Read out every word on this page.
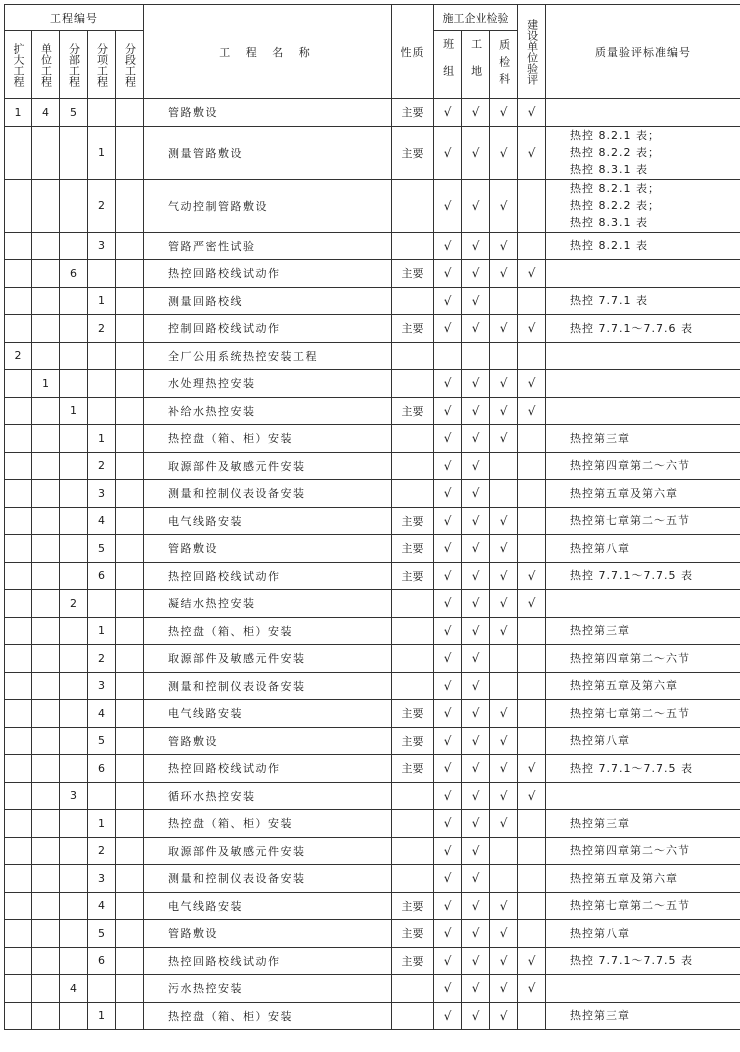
工程编号					工 程 名 称	性质	施工企业检验			建设单位验评	质量验评标准编号

扩大工程	单位工程	分部工程	分项工程	分段工程			班组	工地	质检科		

1	4	5			管路敷设	主要	√	√	√	√	
			1		测量管路敷设	主要	√	√	√	√	热控 8.2.1 表；
热控 8.2.2 表；
热控 8.3.1 表
			2		气动控制管路敷设		√	√	√		热控 8.2.1 表；
热控 8.2.2 表；
热控 8.3.1 表
			3		管路严密性试验		√	√	√		热控 8.2.1 表
		6			热控回路校线试动作	主要	√	√	√	√	
			1		测量回路校线		√	√			热控 7.7.1 表
			2		控制回路校线试动作	主要	√	√	√	√	热控 7.7.1～7.7.6 表
2					全厂公用系统热控安装工程						
	1				水处理热控安装		√	√	√	√	
		1			补给水热控安装	主要	√	√	√	√	
			1		热控盘（箱、柜）安装		√	√	√		热控第三章
			2		取源部件及敏感元件安装		√	√			热控第四章第二～六节
			3		测量和控制仪表设备安装		√	√			热控第五章及第六章
			4		电气线路安装	主要	√	√	√		热控第七章第二～五节
			5		管路敷设	主要	√	√	√		热控第八章
			6		热控回路校线试动作	主要	√	√	√	√	热控 7.7.1～7.7.5 表
		2			凝结水热控安装		√	√	√	√	
			1		热控盘（箱、柜）安装		√	√	√		热控第三章
			2		取源部件及敏感元件安装		√	√			热控第四章第二～六节
			3		测量和控制仪表设备安装		√	√			热控第五章及第六章
			4		电气线路安装	主要	√	√	√		热控第七章第二～五节
			5		管路敷设	主要	√	√	√		热控第八章
			6		热控回路校线试动作	主要	√	√	√	√	热控 7.7.1～7.7.5 表
		3			循环水热控安装		√	√	√	√	
			1		热控盘（箱、柜）安装		√	√	√		热控第三章
			2		取源部件及敏感元件安装		√	√			热控第四章第二～六节
			3		测量和控制仪表设备安装		√	√			热控第五章及第六章
			4		电气线路安装	主要	√	√	√		热控第七章第二～五节
			5		管路敷设	主要	√	√	√		热控第八章
			6		热控回路校线试动作	主要	√	√	√	√	热控 7.7.1～7.7.5 表
		4			污水热控安装		√	√	√	√	
			1		热控盘（箱、柜）安装		√	√	√		热控第三章
